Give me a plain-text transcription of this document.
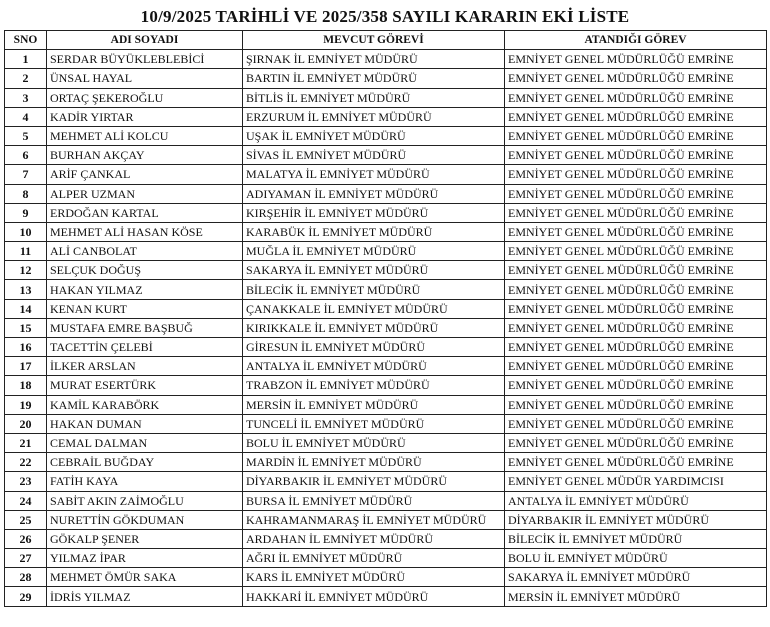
10/9/2025 TARİHLİ VE 2025/358 SAYILI KARARIN EKİ LİSTE
SNO	ADI SOYADI	MEVCUT GÖREVİ	ATANDIĞI GÖREV
1	SERDAR BÜYÜKLEBLEBİCİ	ŞIRNAK İL EMNİYET MÜDÜRÜ	EMNİYET GENEL MÜDÜRLÜĞÜ EMRİNE
2	ÜNSAL HAYAL	BARTIN İL EMNİYET MÜDÜRÜ	EMNİYET GENEL MÜDÜRLÜĞÜ EMRİNE
3	ORTAÇ ŞEKEROĞLU	BİTLİS İL EMNİYET MÜDÜRÜ	EMNİYET GENEL MÜDÜRLÜĞÜ EMRİNE
4	KADİR YIRTAR	ERZURUM İL EMNİYET MÜDÜRÜ	EMNİYET GENEL MÜDÜRLÜĞÜ EMRİNE
5	MEHMET ALİ KOLCU	UŞAK İL EMNİYET MÜDÜRÜ	EMNİYET GENEL MÜDÜRLÜĞÜ EMRİNE
6	BURHAN AKÇAY	SİVAS İL EMNİYET MÜDÜRÜ	EMNİYET GENEL MÜDÜRLÜĞÜ EMRİNE
7	ARİF ÇANKAL	MALATYA İL EMNİYET MÜDÜRÜ	EMNİYET GENEL MÜDÜRLÜĞÜ EMRİNE
8	ALPER UZMAN	ADIYAMAN İL EMNİYET MÜDÜRÜ	EMNİYET GENEL MÜDÜRLÜĞÜ EMRİNE
9	ERDOĞAN KARTAL	KIRŞEHİR İL EMNİYET MÜDÜRÜ	EMNİYET GENEL MÜDÜRLÜĞÜ EMRİNE
10	MEHMET ALİ HASAN KÖSE	KARABÜK İL EMNİYET MÜDÜRÜ	EMNİYET GENEL MÜDÜRLÜĞÜ EMRİNE
11	ALİ CANBOLAT	MUĞLA İL EMNİYET MÜDÜRÜ	EMNİYET GENEL MÜDÜRLÜĞÜ EMRİNE
12	SELÇUK DOĞUŞ	SAKARYA İL EMNİYET MÜDÜRÜ	EMNİYET GENEL MÜDÜRLÜĞÜ EMRİNE
13	HAKAN YILMAZ	BİLECİK İL EMNİYET MÜDÜRÜ	EMNİYET GENEL MÜDÜRLÜĞÜ EMRİNE
14	KENAN KURT	ÇANAKKALE İL EMNİYET MÜDÜRÜ	EMNİYET GENEL MÜDÜRLÜĞÜ EMRİNE
15	MUSTAFA EMRE BAŞBUĞ	KIRIKKALE İL EMNİYET MÜDÜRÜ	EMNİYET GENEL MÜDÜRLÜĞÜ EMRİNE
16	TACETTİN ÇELEBİ	GİRESUN İL EMNİYET MÜDÜRÜ	EMNİYET GENEL MÜDÜRLÜĞÜ EMRİNE
17	İLKER ARSLAN	ANTALYA İL EMNİYET MÜDÜRÜ	EMNİYET GENEL MÜDÜRLÜĞÜ EMRİNE
18	MURAT ESERTÜRK	TRABZON İL EMNİYET MÜDÜRÜ	EMNİYET GENEL MÜDÜRLÜĞÜ EMRİNE
19	KAMİL KARABÖRK	MERSİN İL EMNİYET MÜDÜRÜ	EMNİYET GENEL MÜDÜRLÜĞÜ EMRİNE
20	HAKAN DUMAN	TUNCELİ İL EMNİYET MÜDÜRÜ	EMNİYET GENEL MÜDÜRLÜĞÜ EMRİNE
21	CEMAL DALMAN	BOLU İL EMNİYET MÜDÜRÜ	EMNİYET GENEL MÜDÜRLÜĞÜ EMRİNE
22	CEBRAİL BUĞDAY	MARDİN İL EMNİYET MÜDÜRÜ	EMNİYET GENEL MÜDÜRLÜĞÜ EMRİNE
23	FATİH KAYA	DİYARBAKIR İL EMNİYET MÜDÜRÜ	EMNİYET GENEL MÜDÜR YARDIMCISI
24	SABİT AKIN ZAİMOĞLU	BURSA İL EMNİYET MÜDÜRÜ	ANTALYA İL EMNİYET MÜDÜRÜ
25	NURETTİN GÖKDUMAN	KAHRAMANMARAŞ İL EMNİYET MÜDÜRÜ	DİYARBAKIR İL EMNİYET MÜDÜRÜ
26	GÖKALP ŞENER	ARDAHAN İL EMNİYET MÜDÜRÜ	BİLECİK İL EMNİYET MÜDÜRÜ
27	YILMAZ İPAR	AĞRI İL EMNİYET MÜDÜRÜ	BOLU İL EMNİYET MÜDÜRÜ
28	MEHMET ÖMÜR SAKA	KARS İL EMNİYET MÜDÜRÜ	SAKARYA İL EMNİYET MÜDÜRÜ
29	İDRİS YILMAZ	HAKKARİ İL EMNİYET MÜDÜRÜ	MERSİN İL EMNİYET MÜDÜRÜ
